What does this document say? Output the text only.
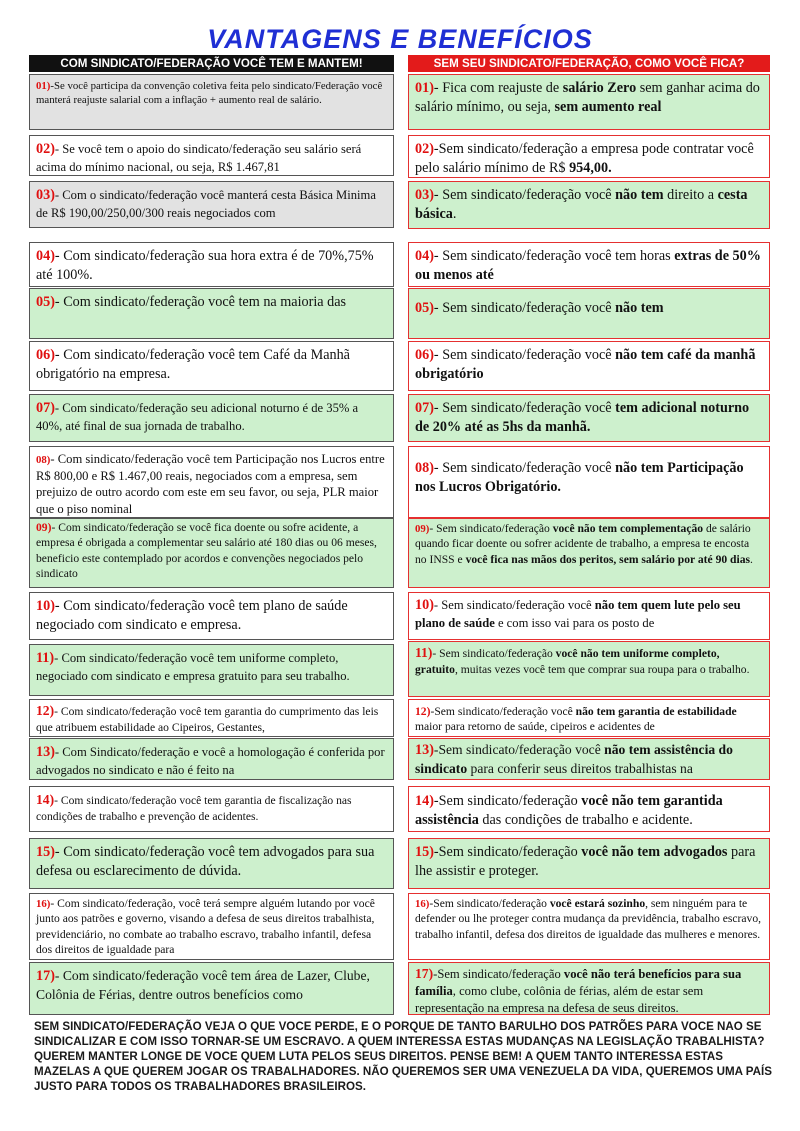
VANTAGENS E BENEFÍCIOS
COM SINDICATO/FEDERAÇÃO VOCÊ TEM E MANTEM!	SEM SEU SINDICATO/FEDERAÇÃO, COMO VOCÊ FICA?
01)-Se você participa da convenção coletiva feita pelo sindicato/Federação você manterá reajuste salarial com a inflação + aumento real de salário.
02)- Se você tem o apoio do sindicato/federação seu salário será acima do mínimo nacional, ou seja, R$ 1.467,81
03)- Com o sindicato/federação você manterá cesta Básica Minima de R$ 190,00/250,00/300 reais negociados com
04)- Com sindicato/federação sua hora extra é de 70%,75% até 100%.
05)- Com sindicato/federação você tem na maioria das
06)- Com sindicato/federação você tem Café da Manhã obrigatório na empresa.
07)- Com sindicato/federação seu adicional noturno é de 35% a 40%, até final de sua jornada de trabalho.
08)- Com sindicato/federação você tem Participação nos Lucros entre R$ 800,00 e R$ 1.467,00 reais, negociados com a empresa, sem prejuizo de outro acordo com este em seu favor, ou seja, PLR maior que o piso nominal
09)- Com sindicato/federação se você fica doente ou sofre acidente, a empresa é obrigada a complementar seu salário até 180 dias ou 06 meses, beneficio este contemplado por acordos e convenções negociados pelo sindicato
10)- Com sindicato/federação você tem plano de saúde negociado com sindicato e empresa.
11)- Com sindicato/federação você tem uniforme completo, negociado com sindicato e empresa gratuito para seu trabalho.
12)- Com sindicato/federação você tem garantia do cumprimento das leis que atribuem estabilidade ao Cipeiros, Gestantes,
13)- Com Sindicato/federação e você a homologação é conferida por advogados no sindicato e não é feito na
14)- Com sindicato/federação você tem garantia de fiscalização nas condições de trabalho e prevenção de acidentes.
15)- Com sindicato/federação você tem advogados para sua defesa ou esclarecimento de dúvida.
16)- Com sindicato/federação, você terá sempre alguém lutando por você junto aos patrões e governo, visando a defesa de seus direitos trabalhista, previdenciário, no combate ao trabalho escravo, trabalho infantil, defesa dos direitos de igualdade para
17)- Com sindicato/federação você tem área de Lazer, Clube, Colônia de Férias, dentre outros benefícios como
01)- Fica com reajuste de salário Zero sem ganhar acima do salário mínimo, ou seja, sem aumento real
02)-Sem sindicato/federação a empresa pode contratar você pelo salário mínimo de R$ 954,00.
03)- Sem sindicato/federação você não tem direito a cesta básica.
04)- Sem sindicato/federação você tem horas extras de 50% ou menos até
05)- Sem sindicato/federação você não tem
06)- Sem sindicato/federação você não tem café da manhã obrigatório
07)- Sem sindicato/federação você tem adicional noturno de 20% até as 5hs da manhã.
08)- Sem sindicato/federação você não tem Participação nos Lucros Obrigatório.
09)- Sem sindicato/federação você não tem complementação de salário quando ficar doente ou sofrer acidente de trabalho, a empresa te encosta no INSS e você fica nas mãos dos peritos, sem salário por até 90 dias.
10)- Sem sindicato/federação você não tem quem lute pelo seu plano de saúde e com isso vai para os posto de
11)- Sem sindicato/federação você não tem uniforme completo, gratuito, muitas vezes você tem que comprar sua roupa para o trabalho.
12)-Sem sindicato/federação você não tem garantia de estabilidade maior para retorno de saúde, cipeiros e acidentes de
13)-Sem sindicato/federação você não tem assistência do sindicato para conferir seus direitos trabalhistas na
14)-Sem sindicato/federação você não tem garantida assistência das condições de trabalho e acidente.
15)-Sem sindicato/federação você não tem advogados para lhe assistir e proteger.
16)-Sem sindicato/federação você estará sozinho, sem ninguém para te defender ou lhe proteger contra mudança da previdência, trabalho escravo, trabalho infantil, defesa dos direitos de igualdade das mulheres e menores.
17)-Sem sindicato/federação você não terá benefícios para sua família, como clube, colônia de férias, além de estar sem representação na empresa na defesa de seus direitos.
SEM SINDICATO/FEDERAÇÃO VEJA O QUE VOCE PERDE, E O PORQUE DE TANTO BARULHO DOS PATRÕES PARA VOCE NAO SE SINDICALIZAR E COM ISSO TORNAR-SE UM ESCRAVO. A QUEM INTERESSA ESTAS MUDANÇAS NA LEGISLAÇÃO TRABALHISTA? QUEREM MANTER LONGE DE VOCE QUEM LUTA PELOS SEUS DIREITOS. PENSE BEM! A QUEM TANTO INTERESSA ESTAS MAZELAS A QUE QUEREM JOGAR OS TRABALHADORES. NÃO QUEREMOS SER UMA VENEZUELA DA VIDA, QUEREMOS UMA PAÍS JUSTO PARA TODOS OS TRABALHADORES BRASILEIROS.
